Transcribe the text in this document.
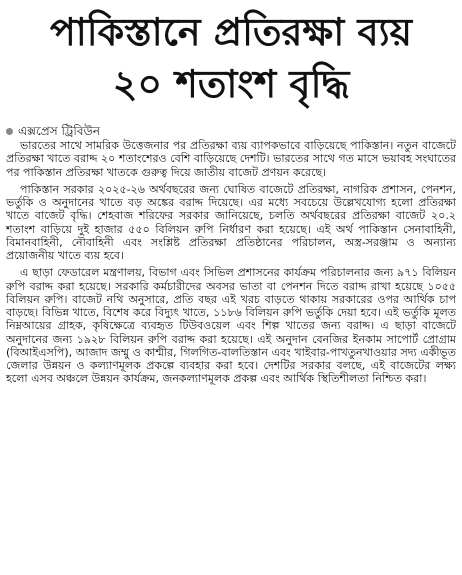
পাকিস্তানে প্রতিরক্ষা ব্যয়
২০ শতাংশ বৃদ্ধি
এক্সপ্রেস ট্রিবিউন

ভারতের সাথে সামরিক উত্তেজনার পর প্রতিরক্ষা ব্যয় ব্যাপকভাবে বাড়িয়েছে পাকিস্তান। নতুন বাজেটে প্রতিরক্ষা খাতে বরাদ্দ ২০ শতাংশেরও বেশি বাড়িয়েছে দেশটি। ভারতের সাথে গত মাসে ভয়াবহ সংঘাতের পর পাকিস্তান প্রতিরক্ষা খাতকে গুরুত্ব দিয়ে জাতীয় বাজেট প্রণয়ন করেছে।

পাকিস্তান সরকার ২০২৫-২৬ অর্থবছরের জন্য ঘোষিত বাজেটে প্রতিরক্ষা, নাগরিক প্রশাসন, পেনশন, ভর্তুকি ও অনুদানের খাতে বড় অঙ্কের বরাদ্দ দিয়েছে। এর মধ্যে সবচেয়ে উল্লেখযোগ্য হলো প্রতিরক্ষা খাতে বাজেট বৃদ্ধি। শেহবাজ শরিফের সরকার জানিয়েছে, চলতি অর্থবছরের প্রতিরক্ষা বাজেট ২০.২ শতাংশ বাড়িয়ে দুই হাজার ৫৫০ বিলিয়ন রুপি নির্ধারণ করা হয়েছে। এই অর্থ পাকিস্তান সেনাবাহিনী, বিমানবাহিনী, নৌবাহিনী এবং সংশ্লিষ্ট প্রতিরক্ষা প্রতিষ্ঠানের পরিচালন, অস্ত্র-সরঞ্জাম ও অন্যান্য প্রয়োজনীয় খাতে ব্যয় হবে।

এ ছাড়া ফেডারেল মন্ত্রণালয়, বিভাগ এবং সিভিল প্রশাসনের কার্যক্রম পরিচালনার জন্য ৯৭১ বিলিয়ন রুপি বরাদ্দ করা হয়েছে। সরকারি কর্মচারীদের অবসর ভাতা বা পেনশন দিতে বরাদ্দ রাখা হয়েছে ১০৫৫ বিলিয়ন রুপি। বাজেট নথি অনুসারে, প্রতি বছর এই খরচ বাড়তে থাকায় সরকারের ওপর আর্থিক চাপ বাড়ছে। বিভিন্ন খাতে, বিশেষ করে বিদ্যুৎ খাতে, ১১৮৬ বিলিয়ন রুপি ভর্তুকি দেয়া হবে। এই ভর্তুকি মূলত নিম্নআয়ের গ্রাহক, কৃষিক্ষেত্রে ব্যবহৃত টিউবওয়েল এবং শিল্প খাতের জন্য বরাদ্দ। এ ছাড়া বাজেটে অনুদানের জন্য ১৯২৮ বিলিয়ন রুপি বরাদ্দ করা হয়েছে। এই অনুদান বেনজির ইনকাম সাপোর্ট প্রোগ্রাম (বিআইএসপি), আজাদ জম্মু ও কাশ্মীর, গিলগিত-বালতিস্তান এবং খাইবার-পাখতুনখাওয়ার সদ্য একীভূত জেলার উন্নয়ন ও কল্যাণমূলক প্রকল্পে ব্যবহার করা হবে। দেশটির সরকার বলছে, এই বাজেটের লক্ষ্য হলো এসব অঞ্চলে উন্নয়ন কার্যক্রম, জনকল্যাণমূলক প্রকল্প এবং আর্থিক স্থিতিশীলতা নিশ্চিত করা।
